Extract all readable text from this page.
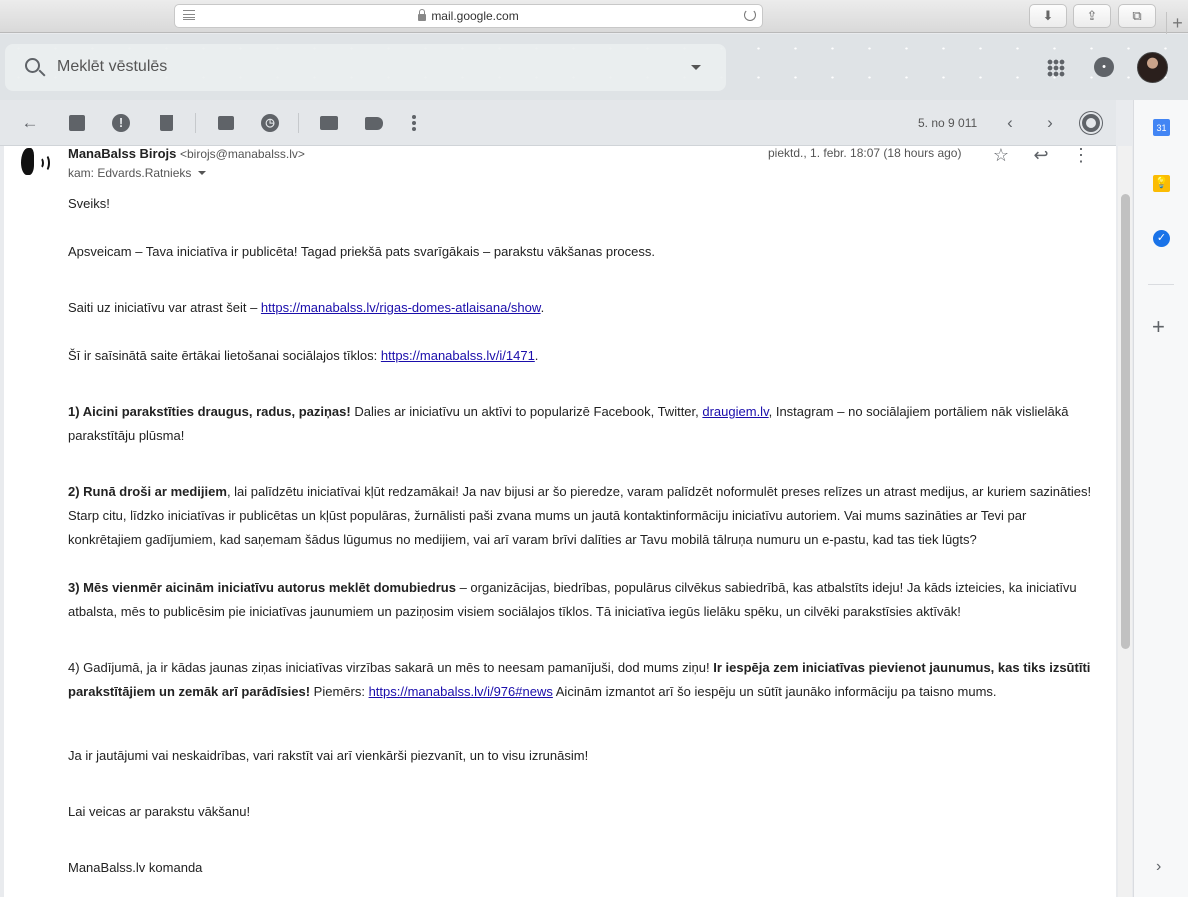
mail.google.com	⬇	⇪	⧉	+
Meklēt vēstulēs
•
←	!	◷	5. no 9 011 ‹ ›	31
💡
✓
+
›
ManaBalss Birojs <birojs@manabalss.lv>
kam: Edvards.Ratnieks
piektd., 1. febr. 18:07 (18 hours ago) ☆ ↩ ⋮

Sveiks!

Apsveicam – Tava iniciatīva ir publicēta! Tagad priekšā pats svarīgākais – parakstu vākšanas process.

Saiti uz iniciatīvu var atrast šeit – https://manabalss.lv/rigas-domes-atlaisana/show.

Šī ir saīsinātā saite ērtākai lietošanai sociālajos tīklos: https://manabalss.lv/i/1471.

1) Aicini parakstīties draugus, radus, paziņas! Dalies ar iniciatīvu un aktīvi to popularizē Facebook, Twitter, draugiem.lv, Instagram – no sociālajiem portāliem nāk vislielākā parakstītāju plūsma!

2) Runā droši ar medijiem, lai palīdzētu iniciatīvai kļūt redzamākai! Ja nav bijusi ar šo pieredze, varam palīdzēt noformulēt preses relīzes un atrast medijus, ar kuriem sazināties!

Starp citu, līdzko iniciatīvas ir publicētas un kļūst populāras, žurnālisti paši zvana mums un jautā kontaktinformāciju iniciatīvu autoriem. Vai mums sazināties ar Tevi par konkrētajiem gadījumiem, kad saņemam šādus lūgumus no medijiem, vai arī varam brīvi dalīties ar Tavu mobilā tālruņa numuru un e-pastu, kad tas tiek lūgts?

3) Mēs vienmēr aicinām iniciatīvu autorus meklēt domubiedrus – organizācijas, biedrības, populārus cilvēkus sabiedrībā, kas atbalstīts ideju! Ja kāds izteicies, ka iniciatīvu atbalsta, mēs to publicēsim pie iniciatīvas jaunumiem un paziņosim visiem sociālajos tīklos. Tā iniciatīva iegūs lielāku spēku, un cilvēki parakstīsies aktīvāk!

4) Gadījumā, ja ir kādas jaunas ziņas iniciatīvas virzības sakarā un mēs to neesam pamanījuši, dod mums ziņu! Ir iespēja zem iniciatīvas pievienot jaunumus, kas tiks izsūtīti parakstītājiem un zemāk arī parādīsies! Piemērs: https://manabalss.lv/i/976#news Aicinām izmantot arī šo iespēju un sūtīt jaunāko informāciju pa taisno mums.

Ja ir jautājumi vai neskaidrības, vari rakstīt vai arī vienkārši piezvanīt, un to visu izrunāsim!

Lai veicas ar parakstu vākšanu!

ManaBalss.lv komanda
